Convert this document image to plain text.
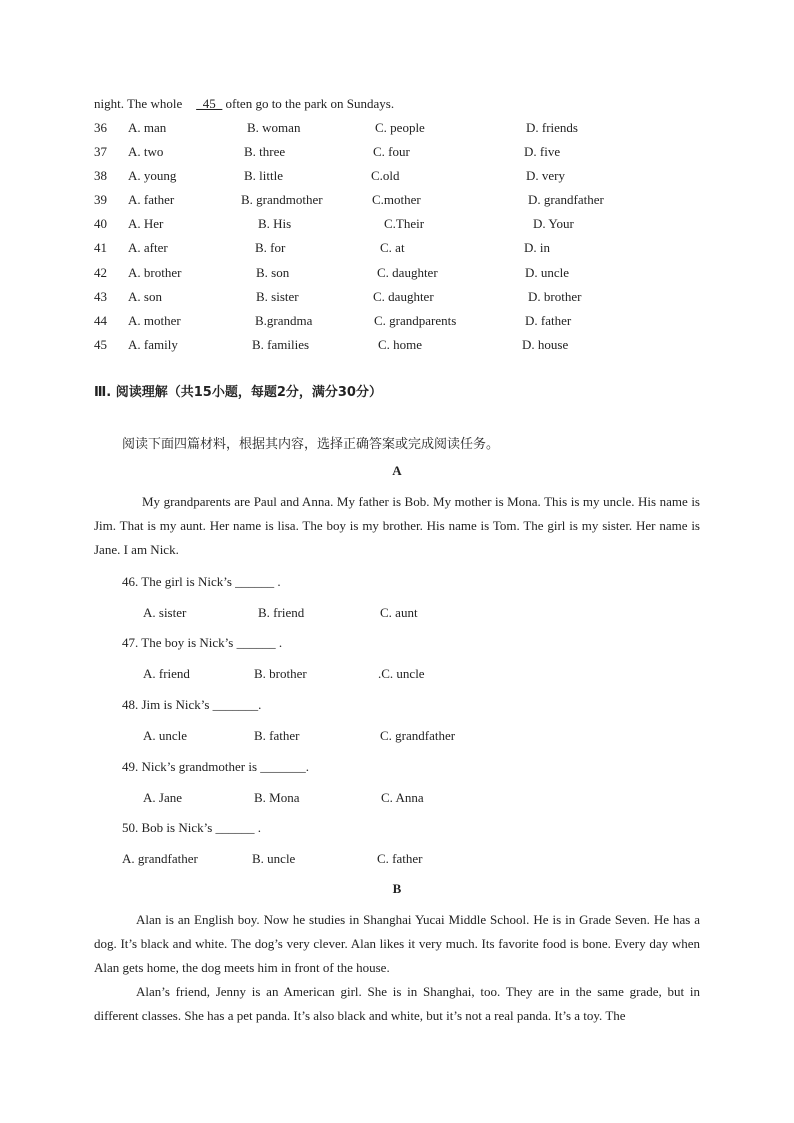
night. The whole _45_ often go to the park on Sundays.
36 A. man	B. woman	C. people	D. friends
37 A. two	B. three	C. four	D. five
38 A. young	B. little	C.old	D. very
39 A. father	B. grandmother	C.mother	D. grandfather
40 A. Her	B. His	C.Their	D. Your
41 A. after	B. for	C. at	D. in
42 A. brother	B. son	C. daughter	D. uncle
43 A. son	B. sister	C. daughter	D. brother
44 A. mother	B.grandma	C. grandparents	D. father
45 A. family	B. families	C. home	D. house
Ⅲ. 阅读理解（共15小题，每题2分，满分30分）
阅读下面四篇材料，根据其内容，选择正确答案或完成阅读任务。
A
My grandparents are Paul and Anna. My father is Bob. My mother is Mona. This is my uncle. His name is Jim. That is my aunt. Her name is lisa. The boy is my brother. His name is Tom. The girl is my sister. Her name is Jane. I am Nick.
46. The girl is Nick’s ______ .
A. sister	B. friend	C. aunt
47. The boy is Nick’s ______ .
A. friend	B. brother	.C. uncle
48. Jim is Nick’s _______.
A. uncle	B. father	C. grandfather
49. Nick’s grandmother is _______.
A. Jane	B. Mona	C. Anna
50. Bob is Nick’s ______ .
A. grandfather	B. uncle	C. father
B
Alan is an English boy. Now he studies in Shanghai Yucai Middle School. He is in Grade Seven. He has a dog. It’s black and white. The dog’s very clever. Alan likes it very much. Its favorite food is bone. Every day when Alan gets home, the dog meets him in front of the house.
Alan’s friend, Jenny is an American girl. She is in Shanghai, too. They are in the same grade, but in different classes. She has a pet panda. It’s also black and white, but it’s not a real panda. It’s a toy. The
